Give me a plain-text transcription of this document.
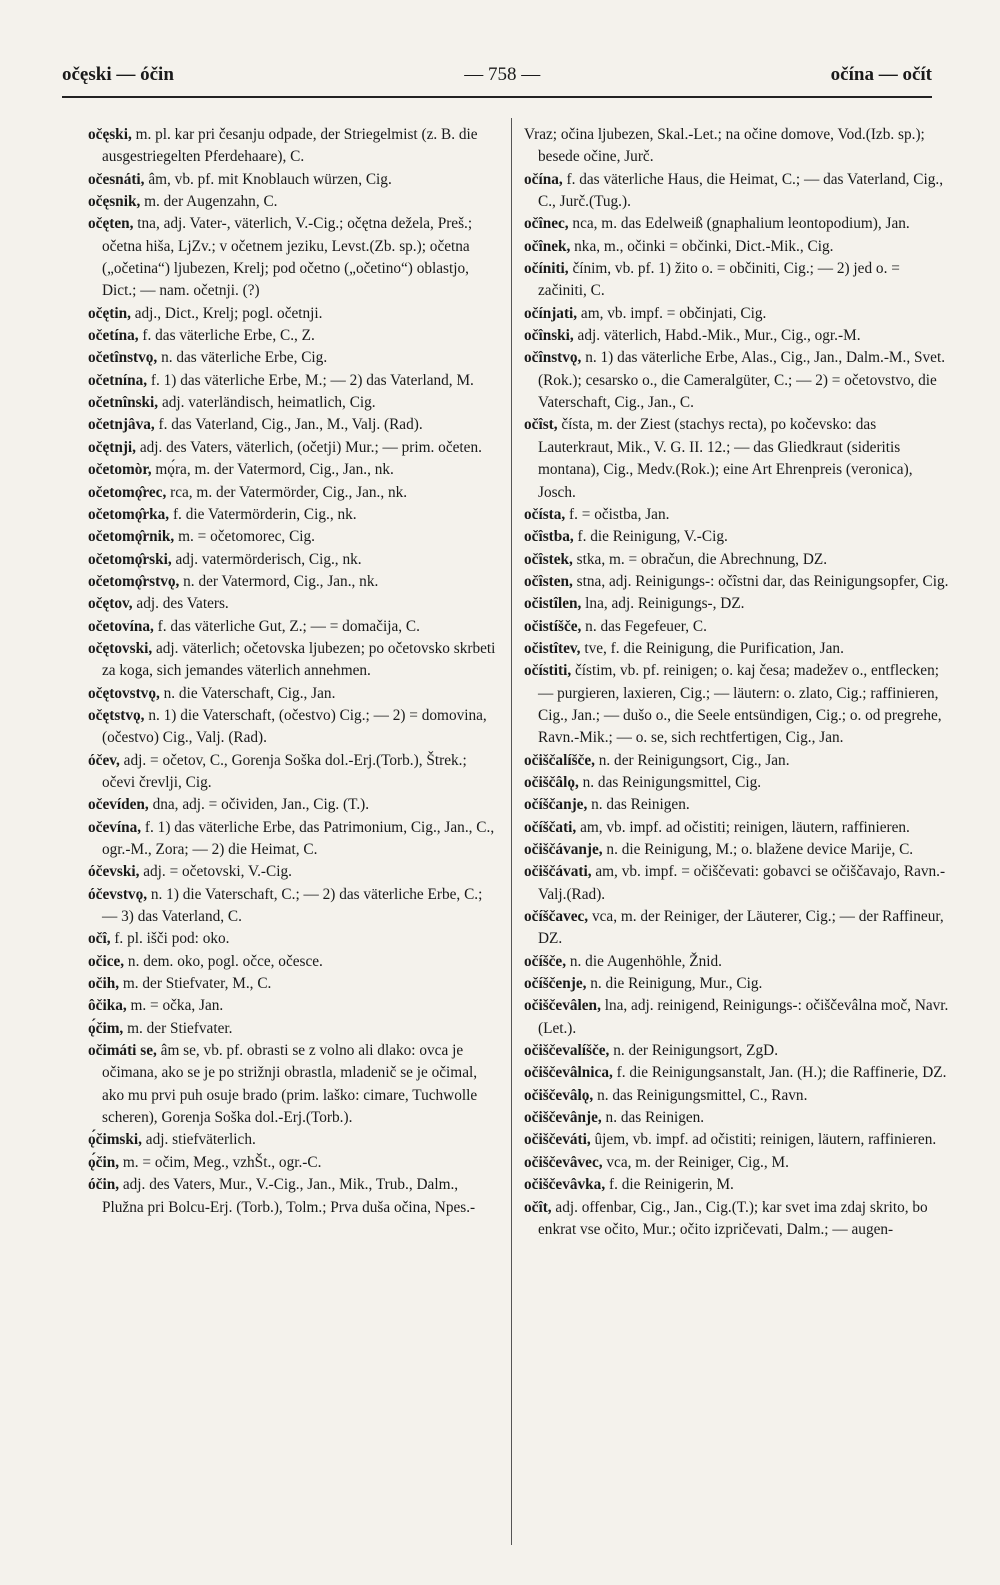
očęski — óčin	— 758 —	očína — očít

očęski, m. pl. kar pri česanju odpade, der Striegelmist (z. B. die ausgestriegelten Pferdehaare), C.

očesnáti, âm, vb. pf. mit Knoblauch würzen, Cig.

očęsnik, m. der Augenzahn, C.

očęten, tna, adj. Vater-, väterlich, V.-Cig.; očętna dežela, Preš.; očetna hiša, LjZv.; v očetnem jeziku, Levst.(Zb. sp.); očetna („očetina“) ljubezen, Krelj; pod očetno („očetino“) oblastjo, Dict.; — nam. očetnji. (?)

očętin, adj., Dict., Krelj; pogl. očetnji.

očetína, f. das väterliche Erbe, C., Z.

očetînstvǫ, n. das väterliche Erbe, Cig.

očetnína, f. 1) das väterliche Erbe, M.; — 2) das Vaterland, M.

očetnînski, adj. vaterländisch, heimatlich, Cig.

očetnjâva, f. das Vaterland, Cig., Jan., M., Valj. (Rad).

očętnji, adj. des Vaters, väterlich, (očetji) Mur.; — prim. očeten.

očetomòr, mǫ́ra, m. der Vatermord, Cig., Jan., nk.

očetomǫ̂rec, rca, m. der Vatermörder, Cig., Jan., nk.

očetomǫ̂rka, f. die Vatermörderin, Cig., nk.

očetomǫ̂rnik, m. = očetomorec, Cig.

očetomǫ̂rski, adj. vatermörderisch, Cig., nk.

očetomǫ̂rstvǫ, n. der Vatermord, Cig., Jan., nk.

očętov, adj. des Vaters.

očetovína, f. das väterliche Gut, Z.; — = domačija, C.

očętovski, adj. väterlich; očetovska ljubezen; po očetovsko skrbeti za koga, sich jemandes väterlich annehmen.

očętovstvǫ, n. die Vaterschaft, Cig., Jan.

očętstvǫ, n. 1) die Vaterschaft, (očestvo) Cig.; — 2) = domovina, (očestvo) Cig., Valj. (Rad).

óčev, adj. = očetov, C., Gorenja Soška dol.-Erj.(Torb.), Štrek.; očevi črevlji, Cig.

očevíden, dna, adj. = očividen, Jan., Cig. (T.).

očevína, f. 1) das väterliche Erbe, das Patrimonium, Cig., Jan., C., ogr.-M., Zora; — 2) die Heimat, C.

óčevski, adj. = očetovski, V.-Cig.

óčevstvǫ, n. 1) die Vaterschaft, C.; — 2) das väterliche Erbe, C.; — 3) das Vaterland, C.

očî, f. pl. išči pod: oko.

očice, n. dem. oko, pogl. očce, očesce.

očih, m. der Stiefvater, M., C.

ôčika, m. = očka, Jan.

ǫ́čim, m. der Stiefvater.

očimáti se, âm se, vb. pf. obrasti se z volno ali dlako: ovca je očimana, ako se je po strižnji obrastla, mladenič se je očimal, ako mu prvi puh osuje brado (prim. laško: cimare, Tuchwolle scheren), Gorenja Soška dol.-Erj.(Torb.).

ǫ́čimski, adj. stiefväterlich.

ǫ́čin, m. = očim, Meg., vzhŠt., ogr.-C.

óčin, adj. des Vaters, Mur., V.-Cig., Jan., Mik., Trub., Dalm., Plužna pri Bolcu-Erj. (Torb.), Tolm.; Prva duša očina, Npes.-

Vraz; očina ljubezen, Skal.-Let.; na očine domove, Vod.(Izb. sp.); besede očine, Jurč.

očína, f. das väterliche Haus, die Heimat, C.; — das Vaterland, Cig., C., Jurč.(Tug.).

očînec, nca, m. das Edelweiß (gnaphalium leontopodium), Jan.

očînek, nka, m., očinki = občinki, Dict.-Mik., Cig.

očíniti, čínim, vb. pf. 1) žito o. = občiniti, Cig.; — 2) jed o. = začiniti, C.

očínjati, am, vb. impf. = občinjati, Cig.

očînski, adj. väterlich, Habd.-Mik., Mur., Cig., ogr.-M.

očînstvǫ, n. 1) das väterliche Erbe, Alas., Cig., Jan., Dalm.-M., Svet.(Rok.); cesarsko o., die Cameralgüter, C.; — 2) = očetovstvo, die Vaterschaft, Cig., Jan., C.

očîst, čísta, m. der Ziest (stachys recta), po kočevsko: das Lauterkraut, Mik., V. G. II. 12.; — das Gliedkraut (sideritis montana), Cig., Medv.(Rok.); eine Art Ehrenpreis (veronica), Josch.

očísta, f. = očistba, Jan.

očîstba, f. die Reinigung, V.-Cig.

očîstek, stka, m. = obračun, die Abrechnung, DZ.

očîsten, stna, adj. Reinigungs-: očîstni dar, das Reinigungsopfer, Cig.

očistîlen, lna, adj. Reinigungs-, DZ.

očistíšče, n. das Fegefeuer, C.

očistîtev, tve, f. die Reinigung, die Purification, Jan.

očístiti, čístim, vb. pf. reinigen; o. kaj česa; madežev o., entflecken; — purgieren, laxieren, Cig.; — läutern: o. zlato, Cig.; raffinieren, Cig., Jan.; — dušo o., die Seele entsündigen, Cig.; o. od pregrehe, Ravn.-Mik.; — o. se, sich rechtfertigen, Cig., Jan.

očiščalíšče, n. der Reinigungsort, Cig., Jan.

očiščâlǫ, n. das Reinigungsmittel, Cig.

očíščanje, n. das Reinigen.

očíščati, am, vb. impf. ad očistiti; reinigen, läutern, raffinieren.

očiščávanje, n. die Reinigung, M.; o. blažene device Marije, C.

očiščávati, am, vb. impf. = očiščevati: gobavci se očiščavajo, Ravn.-Valj.(Rad).

očíščavec, vca, m. der Reiniger, der Läuterer, Cig.; — der Raffineur, DZ.

očíšče, n. die Augenhöhle, Žnid.

očíščenje, n. die Reinigung, Mur., Cig.

očiščevâlen, lna, adj. reinigend, Reinigungs-: očiščevâlna moč, Navr.(Let.).

očiščevalíšče, n. der Reinigungsort, ZgD.

očiščevâlnica, f. die Reinigungsanstalt, Jan. (H.); die Raffinerie, DZ.

očiščevâlǫ, n. das Reinigungsmittel, C., Ravn.

očiščevânje, n. das Reinigen.

očiščeváti, ûjem, vb. impf. ad očistiti; reinigen, läutern, raffinieren.

očiščevâvec, vca, m. der Reiniger, Cig., M.

očiščevâvka, f. die Reinigerin, M.

očît, adj. offenbar, Cig., Jan., Cig.(T.); kar svet ima zdaj skrito, bo enkrat vse očito, Mur.; očito izpričevati, Dalm.; — augen-
